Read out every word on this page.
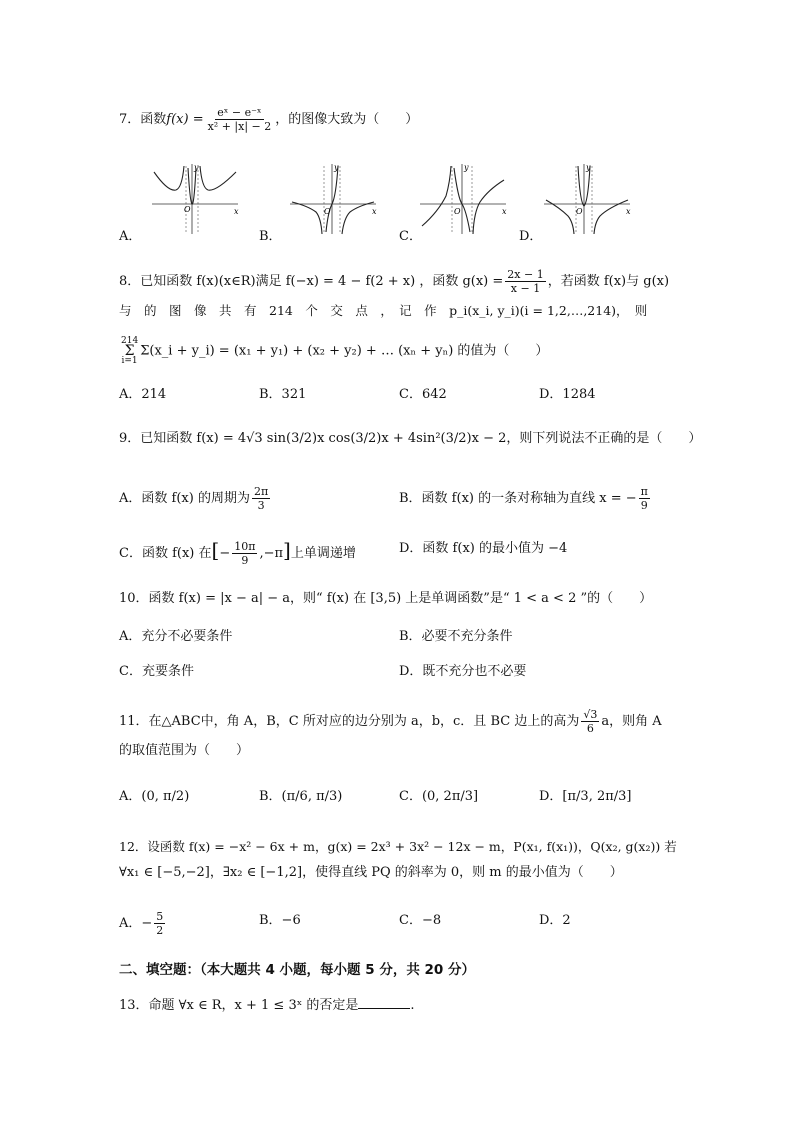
7．函数$f(x) = \frac{\text{eˣ − e⁻ˣ}}{\text{x² + |x| − 2}}$ ，的图像大致为（　　）
A．	B．	C．	D．
O	x
y
O	x
y
O	x
y
O	x
y
8．已知函数 f(x)(x∈R)满足 f(−x) = 4 − f(2 + x) ，函数 $g(x) = \frac{2x - 1}{x - 1}$ ，若函数 f(x)与 g(x)
与　的　图　像　共　有　214　个　交　点　，　记　作　p_i(x_i, y_i)(i = 1,2,…,214)，　则
214
Σ
i=1
Σ(x_i + y_i) = (x₁ + y₁) + (x₂ + y₂) + … (xₙ + yₙ) 的值为（　　）
A．214	B．321	C．642	D．1284
9．已知函数 f(x) = 4√3 sin(3/2)x cos(3/2)x + 4sin²(3/2)x − 2，则下列说法不正确的是（　　）
A．函数 f(x) 的周期为 $\frac{2\pi}{3}$	B．函数 f(x) 的一条对称轴为直线 x = − $\frac{\pi}{9}$
C．函数 f(x) 在[− $\frac{10\pi}{9} ,-\pi$]上单调递增	D．函数 f(x) 的最小值为 −4
10．函数 f(x) = |x − a| − a，则“ f(x) 在 [3,5) 上是单调函数”是“ 1 < a < 2 ”的（　　）
A．充分不必要条件	B．必要不充分条件
C．充要条件	D．既不充分也不必要
11．在△ABC中，角 A，B，C 所对应的边分别为 a，b，c．且 BC 边上的高为 $\frac{√3}{6}$ a，则角 A
的取值范围为（　　）
A．(0, π/2)	B．(π/6, π/3)	C．(0, 2π/3]	D．[π/3, 2π/3]
12．设函数 f(x) = −x² − 6x + m，g(x) = 2x³ + 3x² − 12x − m，P(x₁, f(x₁))，Q(x₂, g(x₂)) 若
∀x₁ ∈ [−5,−2]，∃x₂ ∈ [−1,2]，使得直线 PQ 的斜率为 0，则 m 的最小值为（　　）
A．− $\frac{5}{2}$	B．−6	C．−8	D．2
二、填空题：（本大题共 4 小题，每小题 5 分，共 20 分）
13．命题 ∀x ∈ R，x + 1 ≤ 3ˣ 的否定是	.
